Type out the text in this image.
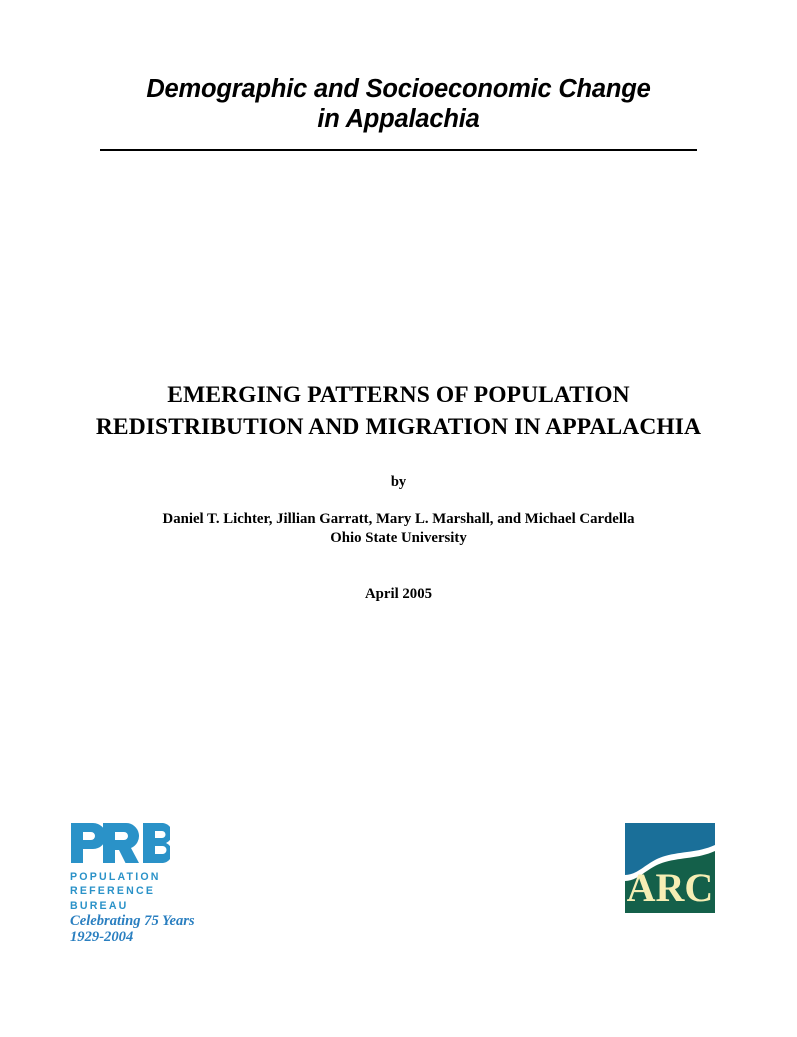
Demographic and Socioeconomic Change
in Appalachia
EMERGING PATTERNS OF POPULATION
REDISTRIBUTION AND MIGRATION IN APPALACHIA
by
Daniel T. Lichter, Jillian Garratt, Mary L. Marshall, and Michael Cardella
Ohio State University
April 2005
POPULATION
REFERENCE
BUREAU
Celebrating 75 Years
1929-2004
ARC
